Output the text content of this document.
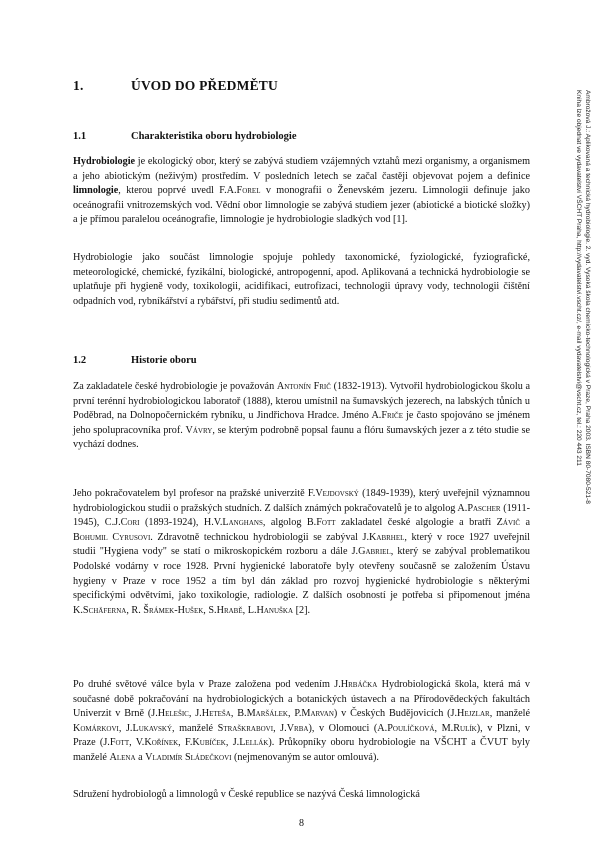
Ambrožová J.: Aplikovaná a technická hydrobiologie. 2. vyd. Vysoká škola chemicko-technologická v Praze, Praha 2003. ISBN 80-7080-521-8
Kniha lze objednat ve vydavatelství VŠCHT Praha, http://vydavatelstvi.vscht.cz/, e-mail vydavatelstvi@vscht.cz, tel.: 220 443 211
1.	ÚVOD DO PŘEDMĚTU
1.1	Charakteristika oboru hydrobiologie

Hydrobiologie je ekologický obor, který se zabývá studiem vzájemných vztahů mezi organismy, a organismem a jeho abiotickým (neživým) prostředím. V posledních letech se začal častěji objevovat pojem a definice limnologie, kterou poprvé uvedl F.A.Forel v monografii o Ženevském jezeru. Limnologii definuje jako oceánografii vnitrozemských vod. Vědní obor limnologie se zabývá studiem jezer (abiotické a biotické složky) a je přímou paralelou oceánografie, limnologie je hydrobiologie sladkých vod [1].

Hydrobiologie jako součást limnologie spojuje pohledy taxonomické, fyziologické, fyziografické, meteorologické, chemické, fyzikální, biologické, antropogenní, apod. Aplikovaná a technická hydrobiologie se uplatňuje při hygieně vody, toxikologii, acidifikaci, eutrofizaci, technologii úpravy vody, technologii čištění odpadních vod, rybníkářství a rybářství, při studiu sedimentů atd.

1.2	Historie oboru

Za zakladatele české hydrobiologie je považován Antonín Frič (1832-1913). Vytvořil hydrobiologickou školu a první terénní hydrobiologickou laboratoř (1888), kterou umístnil na šumavských jezerech, na labských tůních u Poděbrad, na Dolnopočernickém rybníku, u Jindřichova Hradce. Jméno A.Friče je často spojováno se jménem jeho spolupracovníka prof. Vávry, se kterým podrobně popsal faunu a flóru šumavských jezer a z této studie se vychází dodnes.

Jeho pokračovatelem byl profesor na pražské univerzitě F.Vejdovský (1849-1939), který uveřejnil významnou hydrobiologickou studii o pražských studních. Z dalších známých pokračovatelů je to algolog A.Pascher (1911-1945), C.J.Cori (1893-1924), H.V.Langhans, algolog B.Fott zakladatel české algologie a bratři Závič a Bohumil Cyrusovi. Zdravotně technickou hydrobiologii se zabýval J.Kabrhel, který v roce 1927 uveřejnil studii "Hygiena vody" se statí o mikroskopickém rozboru a dále J.Gabriel, který se zabýval problematikou Podolské vodárny v roce 1928. První hygienické laboratoře byly otevřeny současně se založením Ústavu hygieny v Praze v roce 1952 a tím byl dán základ pro rozvoj hygienické hydrobiologie s některými specifickými odvětvími, jako toxikologie, radiologie. Z dalších osobností je potřeba si připomenout jména K.Schäferna, R. Šrámek-Hušek, S.Hrabě, L.Hanuška [2].

Po druhé světové válce byla v Praze založena pod vedením J.Hrbáčka Hydrobiologická škola, která má v současné době pokračování na hydrobiologických a botanických ústavech a na Přírodovědeckých fakultách Univerzit v Brně (J.Helešic, J.Heteša, B.Maršálek, P.Marvan) v Českých Budějovicích (J.Hejzlar, manželé Komárkovi, J.Lukavský, manželé Straškrabovi, J.Vrba), v Olomouci (A.Poulíčková, M.Rulík), v Plzni, v Praze (J.Fott, V.Kořínek, F.Kubíček, J.Lellák). Průkopníky oboru hydrobiologie na VŠCHT a ČVUT byly manželé Alena a Vladimír Sládečkovi (nejmenovaným se autor omlouvá).

Sdružení hydrobiologů a limnologů v České republice se nazývá Česká limnologická

8
